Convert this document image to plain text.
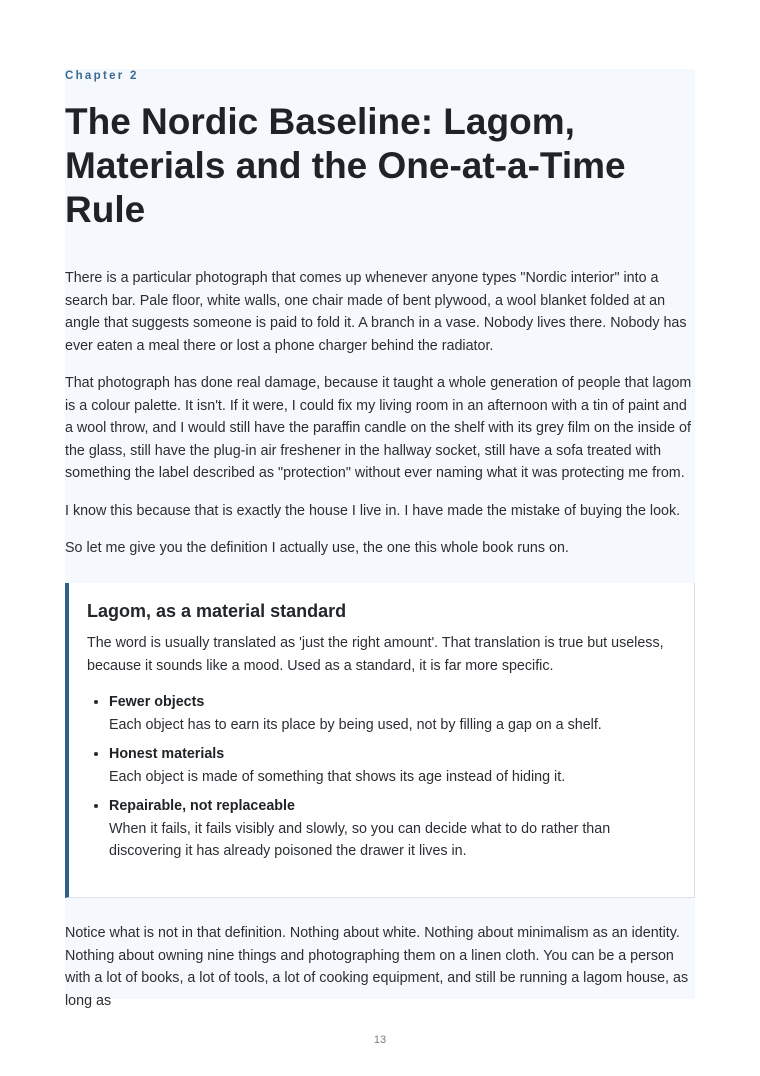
Chapter 2

The Nordic Baseline: Lagom, Materials and the One-at-a-Time Rule

There is a particular photograph that comes up whenever anyone types "Nordic interior" into a search bar. Pale floor, white walls, one chair made of bent plywood, a wool blanket folded at an angle that suggests someone is paid to fold it. A branch in a vase. Nobody lives there. Nobody has ever eaten a meal there or lost a phone charger behind the radiator.

That photograph has done real damage, because it taught a whole generation of people that lagom is a colour palette. It isn't. If it were, I could fix my living room in an afternoon with a tin of paint and a wool throw, and I would still have the paraffin candle on the shelf with its grey film on the inside of the glass, still have the plug-in air freshener in the hallway socket, still have a sofa treated with something the label described as "protection" without ever naming what it was protecting me from.

I know this because that is exactly the house I live in. I have made the mistake of buying the look.

So let me give you the definition I actually use, the one this whole book runs on.

Lagom, as a material standard

The word is usually translated as 'just the right amount'. That translation is true but useless, because it sounds like a mood. Used as a standard, it is far more specific.

• Fewer objects
Each object has to earn its place by being used, not by filling a gap on a shelf.
• Honest materials
Each object is made of something that shows its age instead of hiding it.
• Repairable, not replaceable
When it fails, it fails visibly and slowly, so you can decide what to do rather than discovering it has already poisoned the drawer it lives in.

Notice what is not in that definition. Nothing about white. Nothing about minimalism as an identity. Nothing about owning nine things and photographing them on a linen cloth. You can be a person with a lot of books, a lot of tools, a lot of cooking equipment, and still be running a lagom house, as long as

13
